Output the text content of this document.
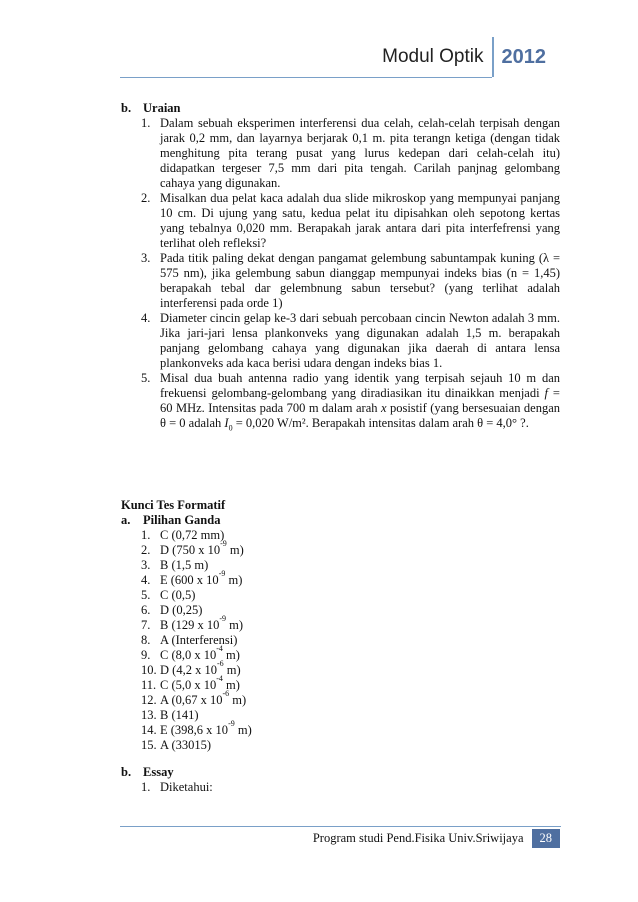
Modul Optik 2012
b. Uraian
1. Dalam sebuah eksperimen interferensi dua celah, celah-celah terpisah dengan jarak 0,2 mm, dan layarnya berjarak 0,1 m. pita terangn ketiga (dengan tidak menghitung pita terang pusat yang lurus kedepan dari celah-celah itu) didapatkan tergeser 7,5 mm dari pita tengah. Carilah panjnag gelombang cahaya yang digunakan.
2. Misalkan dua pelat kaca adalah dua slide mikroskop yang mempunyai panjang 10 cm. Di ujung yang satu, kedua pelat itu dipisahkan oleh sepotong kertas yang tebalnya 0,020 mm. Berapakah jarak antara dari pita interfefrensi yang terlihat oleh refleksi?
3. Pada titik paling dekat dengan pangamat gelembung sabuntampak kuning (λ = 575 nm), jika gelembung sabun dianggap mempunyai indeks bias (n = 1,45) berapakah tebal dar gelembnung sabun tersebut? (yang terlihat adalah interferensi pada orde 1)
4. Diameter cincin gelap ke-3 dari sebuah percobaan cincin Newton adalah 3 mm. Jika jari-jari lensa plankonveks yang digunakan adalah 1,5 m. berapakah panjang gelombang cahaya yang digunakan jika daerah di antara lensa plankonveks ada kaca berisi udara dengan indeks bias 1.
5. Misal dua buah antenna radio yang identik yang terpisah sejauh 10 m dan frekuensi gelombang-gelombang yang diradiasikan itu dinaikkan menjadi f = 60 MHz. Intensitas pada 700 m dalam arah x posistif (yang bersesuaian dengan θ = 0 adalah $I_0 = 0,020$ W/m². Berapakah intensitas dalam arah θ = 4,0° ?.
Kunci Tes Formatif
a.	Pilihan Ganda
1. C (0,72 mm)
2. D (750 x $10^{-9}$ m)
3. B (1,5 m)
4. E (600 x $10^{-9}$ m)
5. C (0,5)
6. D (0,25)
7. B (129 x $10^{-9}$ m)
8. A (Interferensi)
9. C (8,0 x $10^{-4}$ m)
10. D (4,2 x $10^{-6}$ m)
11. C (5,0 x $10^{-4}$ m)
12. A (0,67 x $10^{-6}$ m)
13. B (141)
14. E (398,6 x $10^{-9}$ m)
15. A (33015)
b. Essay
1. Diketahui:
Program studi Pend.Fisika Univ.Sriwijaya	28
